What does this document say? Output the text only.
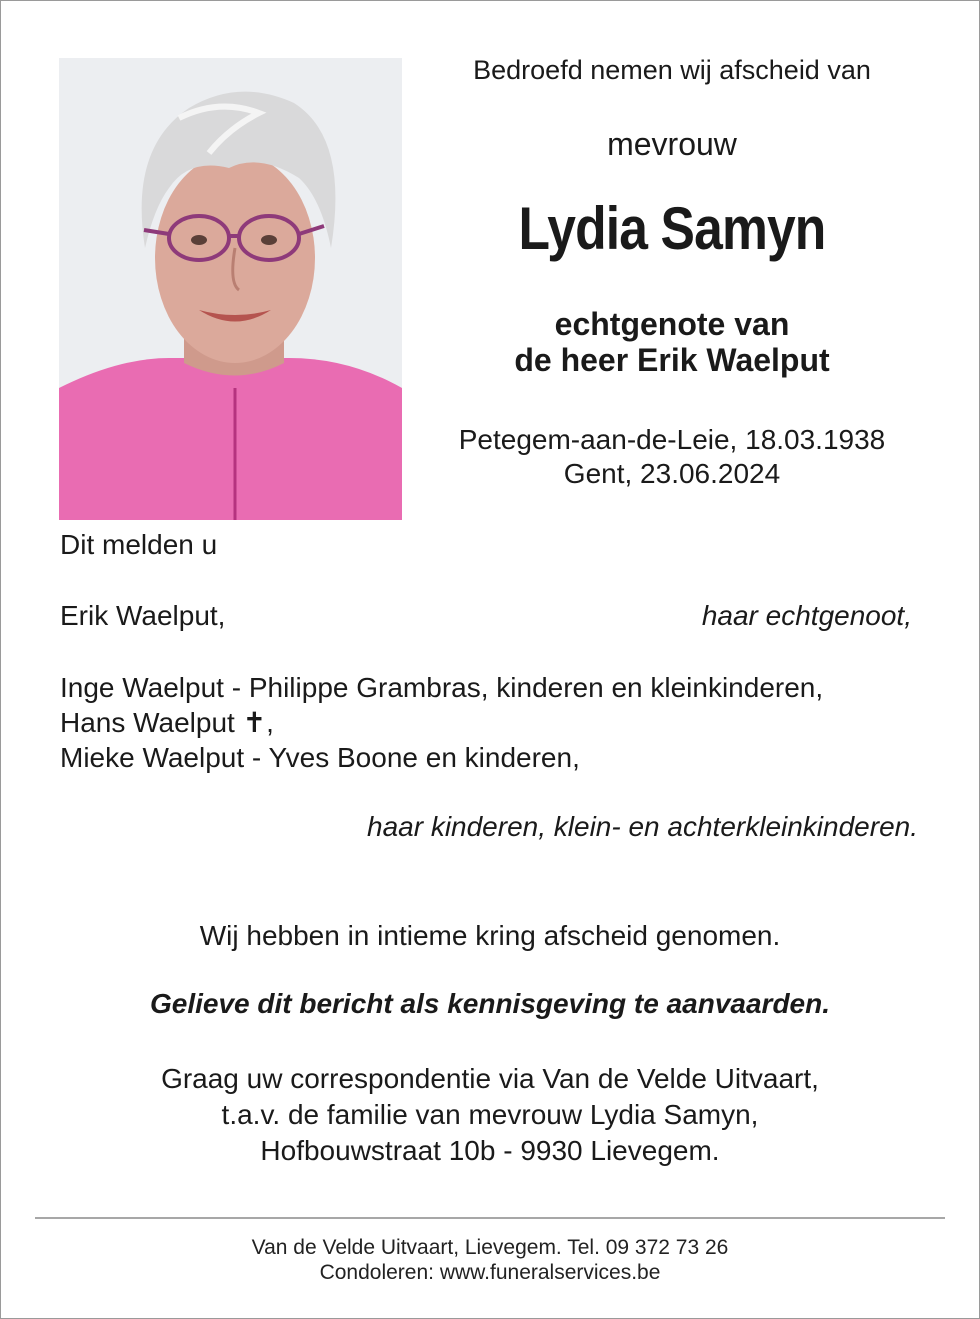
Bedroefd nemen wij afscheid van
mevrouw
Lydia Samyn
echtgenote van
de heer Erik Waelput
Petegem-aan-de-Leie, 18.03.1938
Gent, 23.06.2024
Dit melden u
Erik Waelput,	haar echtgenoot,
Inge Waelput - Philippe Grambras, kinderen en kleinkinderen,
Hans Waelput ✝,
Mieke Waelput - Yves Boone en kinderen,
haar kinderen, klein- en achterkleinkinderen.
Wij hebben in intieme kring afscheid genomen.
Gelieve dit bericht als kennisgeving te aanvaarden.
Graag uw correspondentie via Van de Velde Uitvaart,
t.a.v. de familie van mevrouw Lydia Samyn,
Hofbouwstraat 10b - 9930 Lievegem.
Van de Velde Uitvaart, Lievegem. Tel. 09 372 73 26
Condoleren: www.funeralservices.be
